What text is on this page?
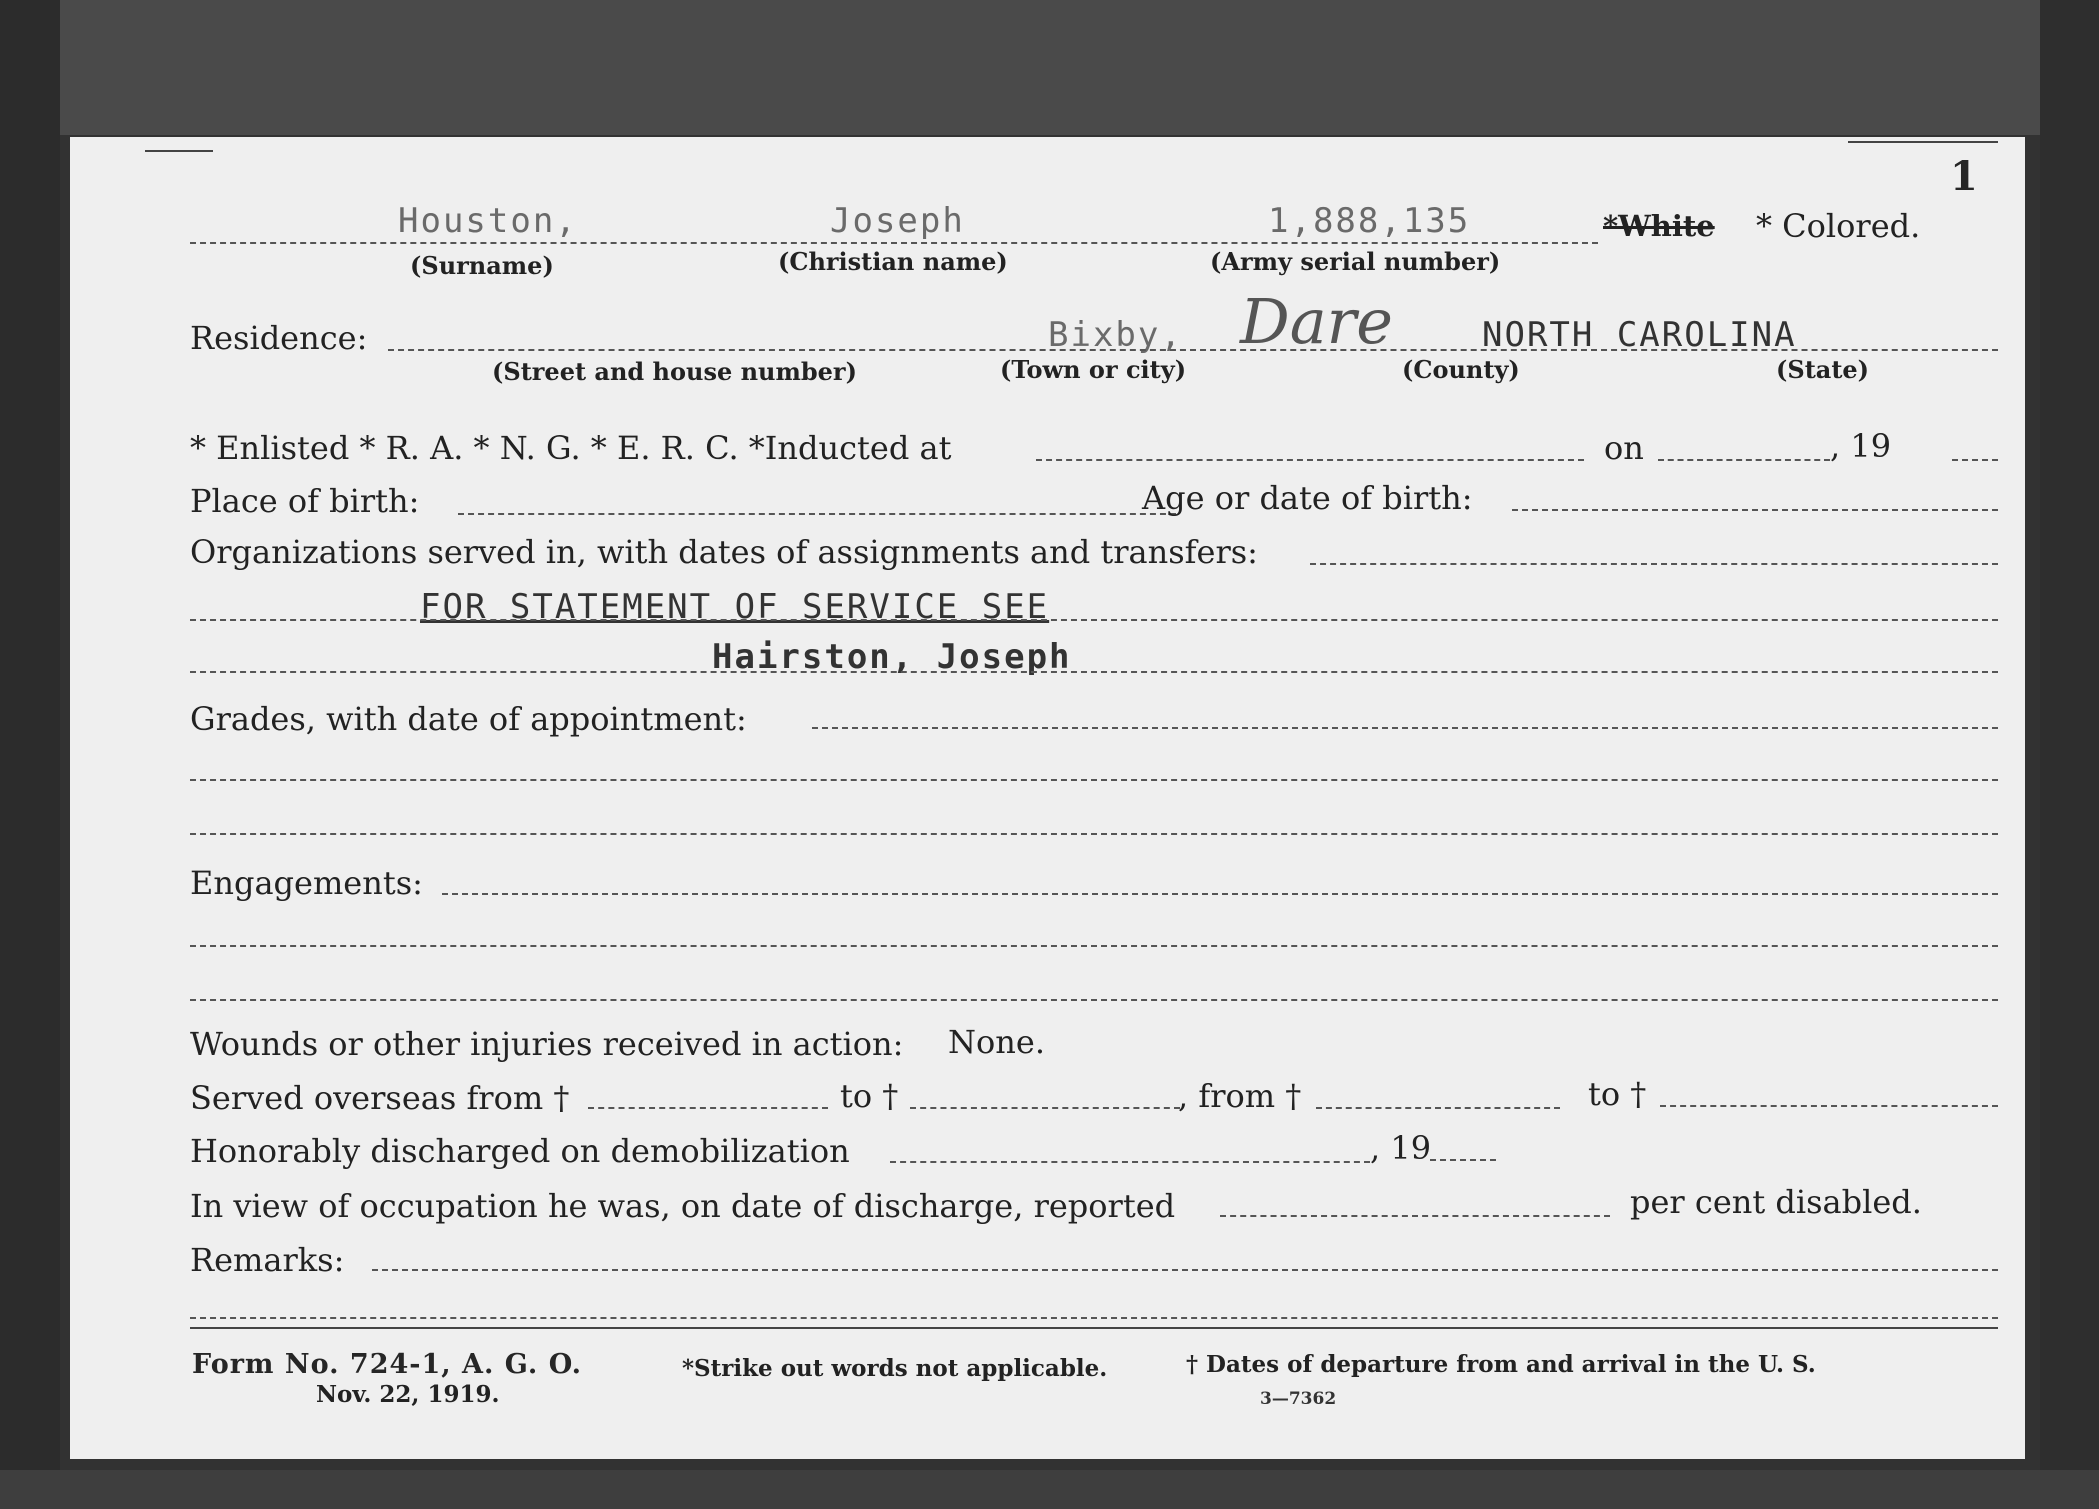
1
Houston,	Joseph	1,888,135	*White * Colored.
(Surname)	(Christian name)	(Army serial number)
Residence:	Bixby, Dare	NORTH CAROLINA
(Street and house number)	(Town or city)	(County)	(State)
* Enlisted * R. A. * N. G. * E. R. C. *Inducted at	on	, 19
Place of birth:	Age or date of birth:
Organizations served in, with dates of assignments and transfers:
FOR STATEMENT OF SERVICE SEE
Hairston, Joseph
Grades, with date of appointment:
Engagements:
Wounds or other injuries received in action: None.
Served overseas from †	to †	, from †	to †
Honorably discharged on demobilization	, 19
In view of occupation he was, on date of discharge, reported	per cent disabled.
Remarks:
Form No. 724-1, A. G. O.
Nov. 22, 1919.
*Strike out words not applicable.	† Dates of departure from and arrival in the U. S.
3—7362
